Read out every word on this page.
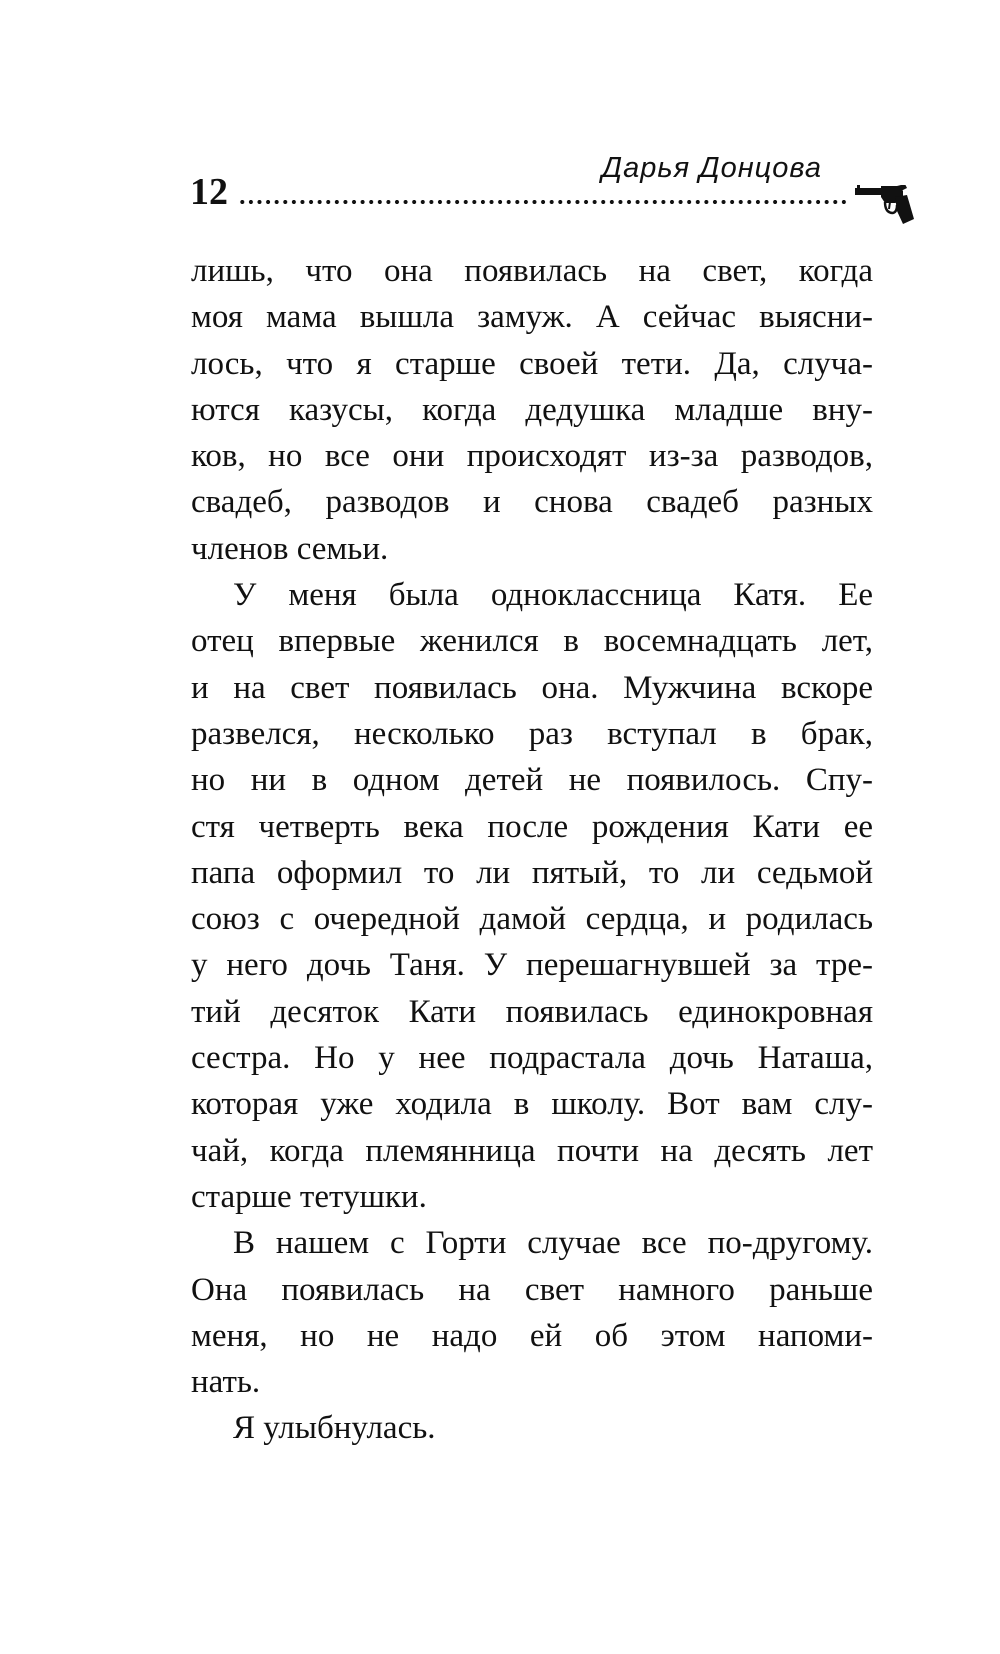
Дарья Донцова
12

лишь, что она появилась на свет, когда

моя мама вышла замуж. А сейчас выясни-

лось, что я старше своей тети. Да, случа-

ются казусы, когда дедушка младше вну-

ков, но все они происходят из-за разводов,

свадеб, разводов и снова свадеб разных

членов семьи.

У меня была одноклассница Катя. Ее

отец впервые женился в восемнадцать лет,

и на свет появилась она. Мужчина вскоре

развелся, несколько раз вступал в брак,

но ни в одном детей не появилось. Спу-

стя четверть века после рождения Кати ее

папа оформил то ли пятый, то ли седьмой

союз с очередной дамой сердца, и родилась

у него дочь Таня. У перешагнувшей за тре-

тий десяток Кати появилась единокровная

сестра. Но у нее подрастала дочь Наташа,

которая уже ходила в школу. Вот вам слу-

чай, когда племянница почти на десять лет

старше тетушки.

В нашем с Горти случае все по-другому.

Она появилась на свет намного раньше

меня, но не надо ей об этом напоми-

нать.

Я улыбнулась.
